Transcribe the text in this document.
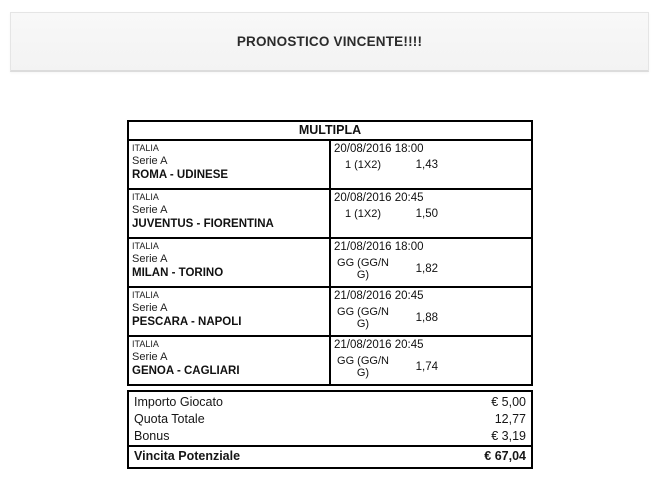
PRONOSTICO VINCENTE!!!!
MULTIPLA	

ITALIA
Serie A
ROMA - UDINESE

20/08/2016 18:00
1 (1X2)	1,43

ITALIA
Serie A
JUVENTUS - FIORENTINA

20/08/2016 20:45
1 (1X2)	1,50

ITALIA
Serie A
MILAN - TORINO

21/08/2016 18:00
GG (GG/NG)	1,82

ITALIA
Serie A
PESCARA - NAPOLI

21/08/2016 20:45
GG (GG/NG)	1,88

ITALIA
Serie A
GENOA - CAGLIARI

21/08/2016 20:45
GG (GG/NG)	1,74
Importo Giocato	€ 5,00
Quota Totale	12,77
Bonus	€ 3,19
Vincita Potenziale	€ 67,04
